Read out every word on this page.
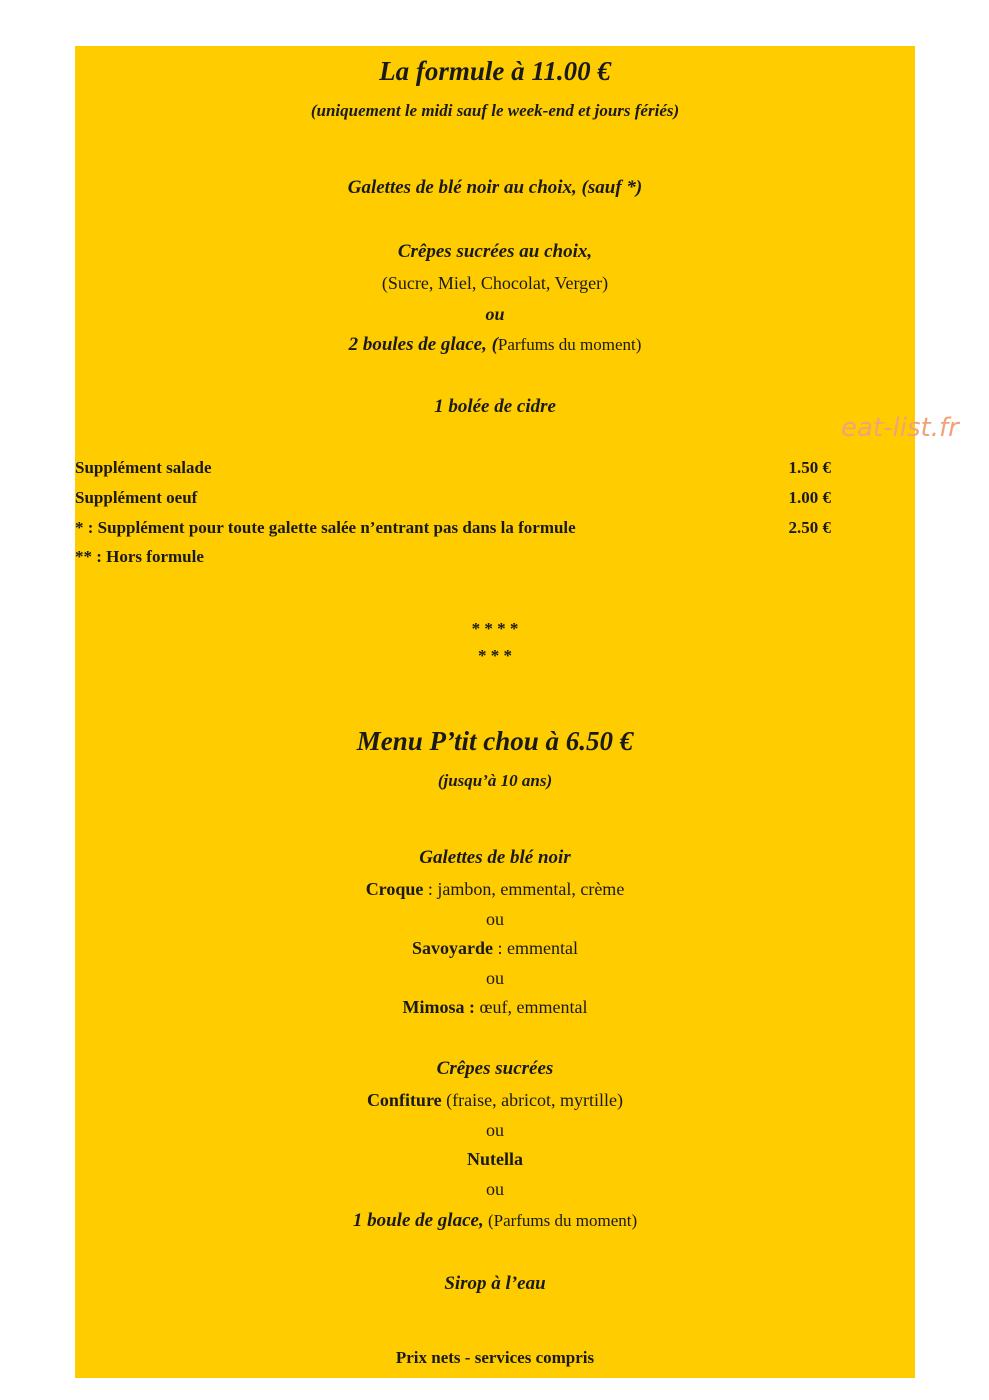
La formule à 11.00 €
(uniquement le midi sauf le week-end et jours fériés)
Galettes de blé noir au choix, (sauf *)
Crêpes sucrées au choix,
(Sucre, Miel, Chocolat, Verger)
ou
2 boules de glace, (Parfums du moment)
1 bolée de cidre
Supplément salade	1.50 €
Supplément oeuf	1.00 €
* : Supplément pour toute galette salée n’entrant pas dans la formule	2.50 €
** : Hors formule
* * * *
* * *
Menu P’tit chou à 6.50 €
(jusqu’à 10 ans)
Galettes de blé noir
Croque : jambon, emmental, crème
ou
Savoyarde : emmental
ou
Mimosa : œuf, emmental
Crêpes sucrées
Confiture (fraise, abricot, myrtille)
ou
Nutella
ou
1 boule de glace, (Parfums du moment)
Sirop à l’eau
Prix nets - services compris
eat-list.fr
